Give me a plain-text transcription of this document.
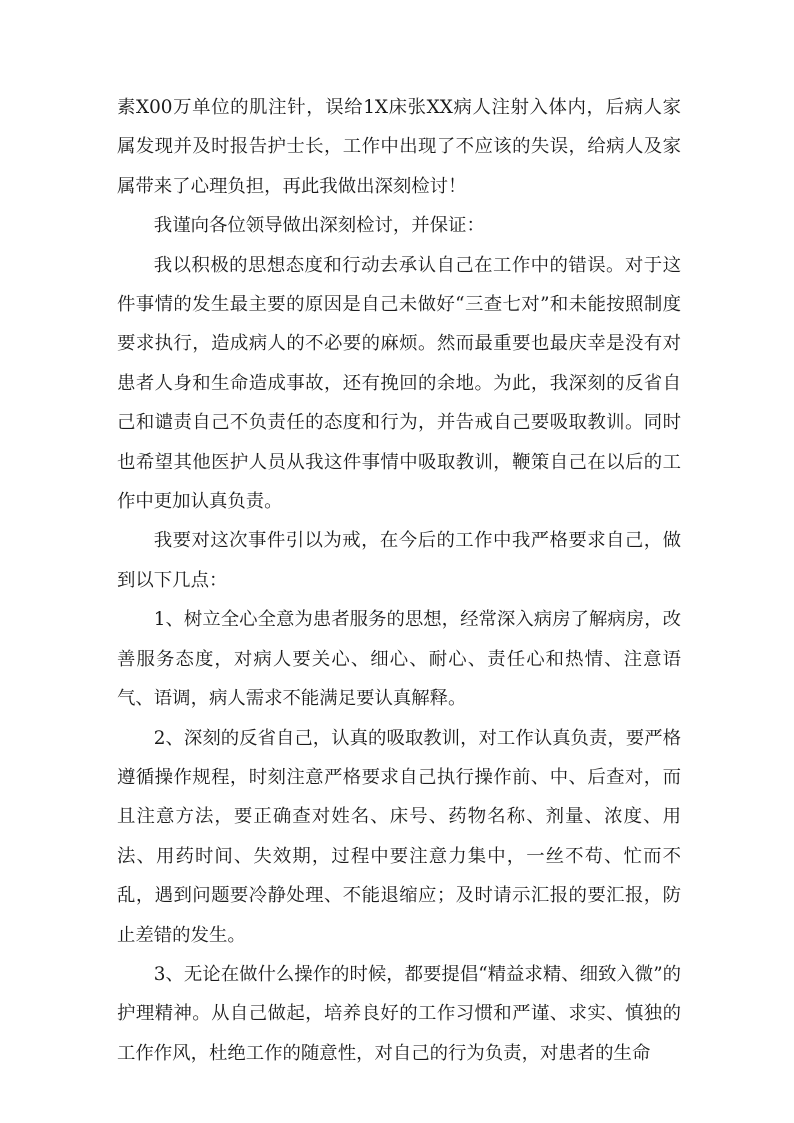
素X00万单位的肌注针，误给1X床张XX病人注射入体内，后病人家属发现并及时报告护士长，工作中出现了不应该的失误，给病人及家属带来了心理负担，再此我做出深刻检讨！

我谨向各位领导做出深刻检讨，并保证：

我以积极的思想态度和行动去承认自己在工作中的错误。对于这件事情的发生最主要的原因是自己未做好“三查七对”和未能按照制度要求执行，造成病人的不必要的麻烦。然而最重要也最庆幸是没有对患者人身和生命造成事故，还有挽回的余地。为此，我深刻的反省自己和谴责自己不负责任的态度和行为，并告戒自己要吸取教训。同时也希望其他医护人员从我这件事情中吸取教训，鞭策自己在以后的工作中更加认真负责。

我要对这次事件引以为戒，在今后的工作中我严格要求自己，做到以下几点：

1、树立全心全意为患者服务的思想，经常深入病房了解病房，改善服务态度，对病人要关心、细心、耐心、责任心和热情、注意语气、语调，病人需求不能满足要认真解释。

2、深刻的反省自己，认真的吸取教训，对工作认真负责，要严格遵循操作规程，时刻注意严格要求自己执行操作前、中、后查对，而且注意方法，要正确查对姓名、床号、药物名称、剂量、浓度、用法、用药时间、失效期，过程中要注意力集中，一丝不苟、忙而不乱，遇到问题要冷静处理、不能退缩应；及时请示汇报的要汇报，防止差错的发生。

3、无论在做什么操作的时候，都要提倡“精益求精、细致入微”的护理精神。从自己做起，培养良好的工作习惯和严谨、求实、慎独的工作作风，杜绝工作的随意性，对自己的行为负责，对患者的生命
